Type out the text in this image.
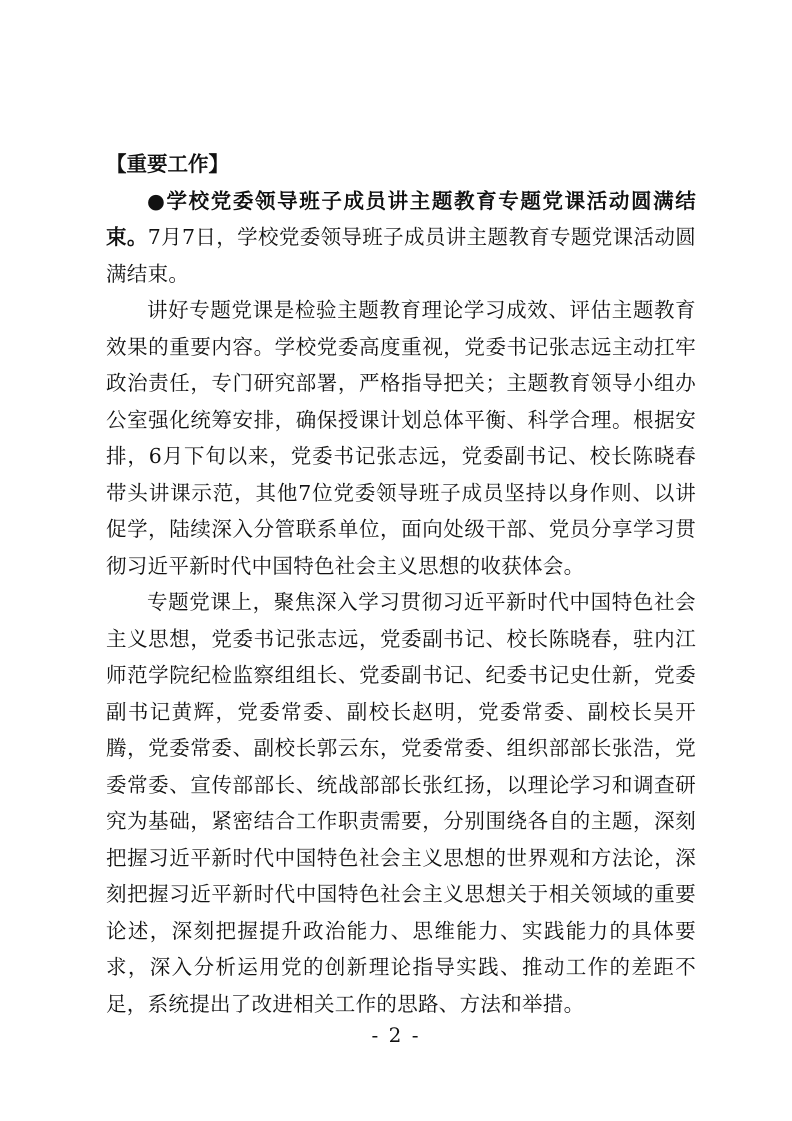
【重要工作】

●学校党委领导班子成员讲主题教育专题党课活动圆满结束。7月7日，学校党委领导班子成员讲主题教育专题党课活动圆满结束。

讲好专题党课是检验主题教育理论学习成效、评估主题教育效果的重要内容。学校党委高度重视，党委书记张志远主动扛牢政治责任，专门研究部署，严格指导把关；主题教育领导小组办公室强化统筹安排，确保授课计划总体平衡、科学合理。根据安排，6月下旬以来，党委书记张志远，党委副书记、校长陈晓春带头讲课示范，其他7位党委领导班子成员坚持以身作则、以讲促学，陆续深入分管联系单位，面向处级干部、党员分享学习贯彻习近平新时代中国特色社会主义思想的收获体会。

专题党课上，聚焦深入学习贯彻习近平新时代中国特色社会主义思想，党委书记张志远，党委副书记、校长陈晓春，驻内江师范学院纪检监察组组长、党委副书记、纪委书记史仕新，党委副书记黄辉，党委常委、副校长赵明，党委常委、副校长吴开腾，党委常委、副校长郭云东，党委常委、组织部部长张浩，党委常委、宣传部部长、统战部部长张红扬，以理论学习和调查研究为基础，紧密结合工作职责需要，分别围绕各自的主题，深刻把握习近平新时代中国特色社会主义思想的世界观和方法论，深刻把握习近平新时代中国特色社会主义思想关于相关领域的重要论述，深刻把握提升政治能力、思维能力、实践能力的具体要求，深入分析运用党的创新理论指导实践、推动工作的差距不足，系统提出了改进相关工作的思路、方法和举措。

- 2 -
